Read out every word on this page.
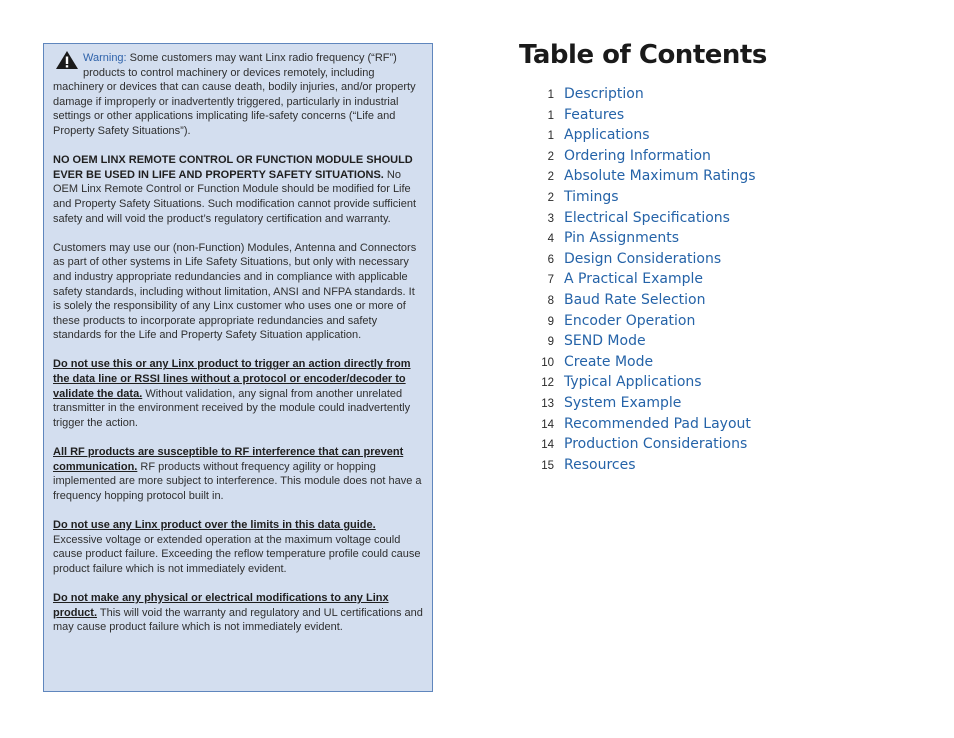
Warning: Some customers may want Linx radio frequency (“RF”) products to control machinery or devices remotely, including machinery or devices that can cause death, bodily injuries, and/or property damage if improperly or inadvertently triggered, particularly in industrial settings or other applications implicating life-safety concerns (“Life and Property Safety Situations”).

NO OEM LINX REMOTE CONTROL OR FUNCTION MODULE SHOULD EVER BE USED IN LIFE AND PROPERTY SAFETY SITUATIONS. No OEM Linx Remote Control or Function Module should be modified for Life and Property Safety Situations. Such modification cannot provide sufficient safety and will void the product’s regulatory certification and warranty.

Customers may use our (non-Function) Modules, Antenna and Connectors as part of other systems in Life Safety Situations, but only with necessary and industry appropriate redundancies and in compliance with applicable safety standards, including without limitation, ANSI and NFPA standards. It is solely the responsibility of any Linx customer who uses one or more of these products to incorporate appropriate redundancies and safety standards for the Life and Property Safety Situation application.

Do not use this or any Linx product to trigger an action directly from the data line or RSSI lines without a protocol or encoder/decoder to validate the data. Without validation, any signal from another unrelated transmitter in the environment received by the module could inadvertently trigger the action.

All RF products are susceptible to RF interference that can prevent communication. RF products without frequency agility or hopping implemented are more subject to interference. This module does not have a frequency hopping protocol built in.

Do not use any Linx product over the limits in this data guide. Excessive voltage or extended operation at the maximum voltage could cause product failure. Exceeding the reflow temperature profile could cause product failure which is not immediately evident.

Do not make any physical or electrical modifications to any Linx product. This will void the warranty and regulatory and UL certifications and may cause product failure which is not immediately evident.

Table of Contents
1 Description
1 Features
1 Applications
2 Ordering Information
2 Absolute Maximum Ratings
2 Timings
3 Electrical Specifications
4 Pin Assignments
6 Design Considerations
7 A Practical Example
8 Baud Rate Selection
9 Encoder Operation
9 SEND Mode
10 Create Mode
12 Typical Applications
13 System Example
14 Recommended Pad Layout
14 Production Considerations
15 Resources
